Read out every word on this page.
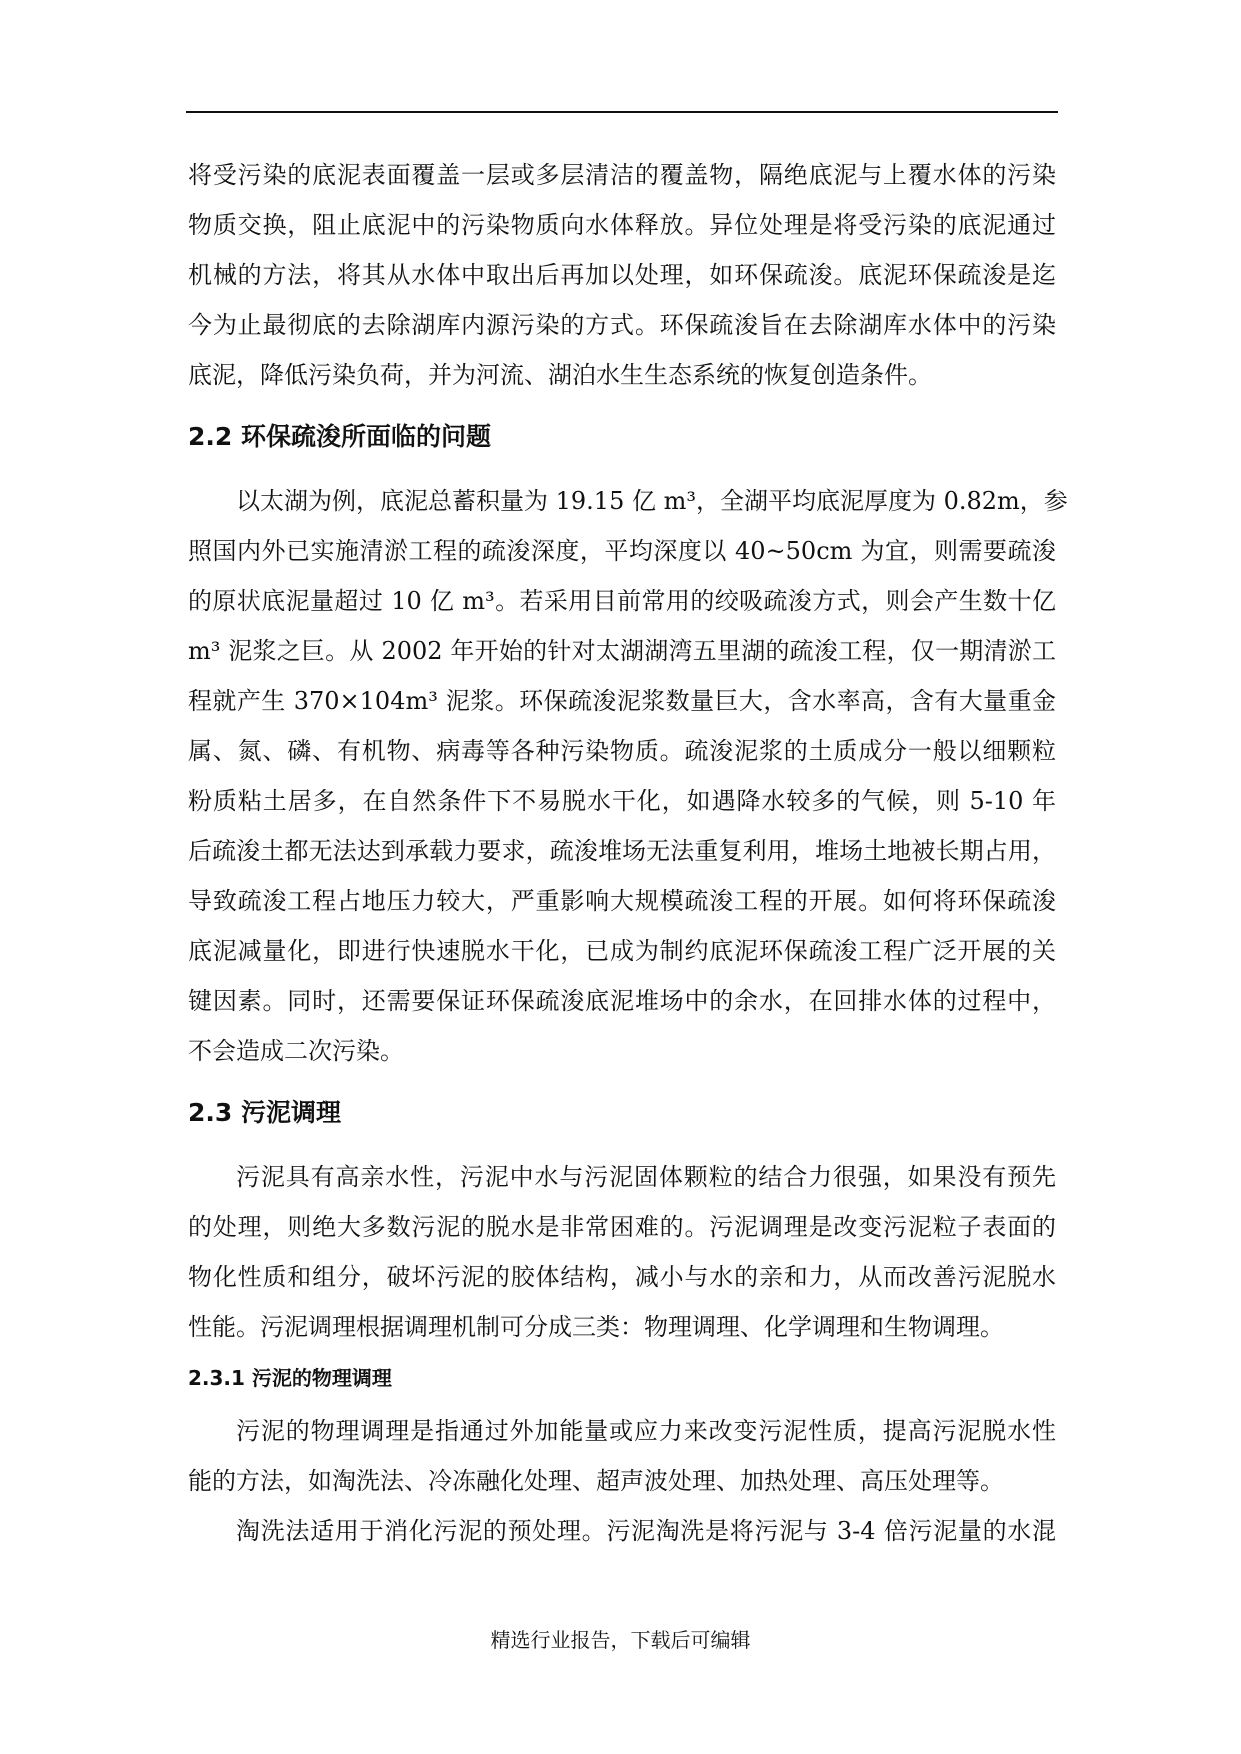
将受污染的底泥表面覆盖一层或多层清洁的覆盖物，隔绝底泥与上覆水体的污染
物质交换，阻止底泥中的污染物质向水体释放。异位处理是将受污染的底泥通过
机械的方法，将其从水体中取出后再加以处理，如环保疏浚。底泥环保疏浚是迄
今为止最彻底的去除湖库内源污染的方式。环保疏浚旨在去除湖库水体中的污染
底泥，降低污染负荷，并为河流、湖泊水生生态系统的恢复创造条件。
2.2 环保疏浚所面临的问题
以太湖为例，底泥总蓄积量为 19.15 亿 m³，全湖平均底泥厚度为 0.82m，参
照国内外已实施清淤工程的疏浚深度，平均深度以 40~50cm 为宜，则需要疏浚
的原状底泥量超过 10 亿 m³。若采用目前常用的绞吸疏浚方式，则会产生数十亿
m³ 泥浆之巨。从 2002 年开始的针对太湖湖湾五里湖的疏浚工程，仅一期清淤工
程就产生 370×104m³ 泥浆。环保疏浚泥浆数量巨大，含水率高，含有大量重金
属、氮、磷、有机物、病毒等各种污染物质。疏浚泥浆的土质成分一般以细颗粒
粉质粘土居多，在自然条件下不易脱水干化，如遇降水较多的气候，则 5-10 年
后疏浚土都无法达到承载力要求，疏浚堆场无法重复利用，堆场土地被长期占用，
导致疏浚工程占地压力较大，严重影响大规模疏浚工程的开展。如何将环保疏浚
底泥减量化，即进行快速脱水干化，已成为制约底泥环保疏浚工程广泛开展的关
键因素。同时，还需要保证环保疏浚底泥堆场中的余水，在回排水体的过程中，
不会造成二次污染。
2.3 污泥调理
污泥具有高亲水性，污泥中水与污泥固体颗粒的结合力很强，如果没有预先
的处理，则绝大多数污泥的脱水是非常困难的。污泥调理是改变污泥粒子表面的
物化性质和组分，破坏污泥的胶体结构，减小与水的亲和力，从而改善污泥脱水
性能。污泥调理根据调理机制可分成三类：物理调理、化学调理和生物调理。
2.3.1 污泥的物理调理
污泥的物理调理是指通过外加能量或应力来改变污泥性质，提高污泥脱水性
能的方法，如淘洗法、冷冻融化处理、超声波处理、加热处理、高压处理等。
淘洗法适用于消化污泥的预处理。污泥淘洗是将污泥与 3-4 倍污泥量的水混
精选行业报告，下载后可编辑
